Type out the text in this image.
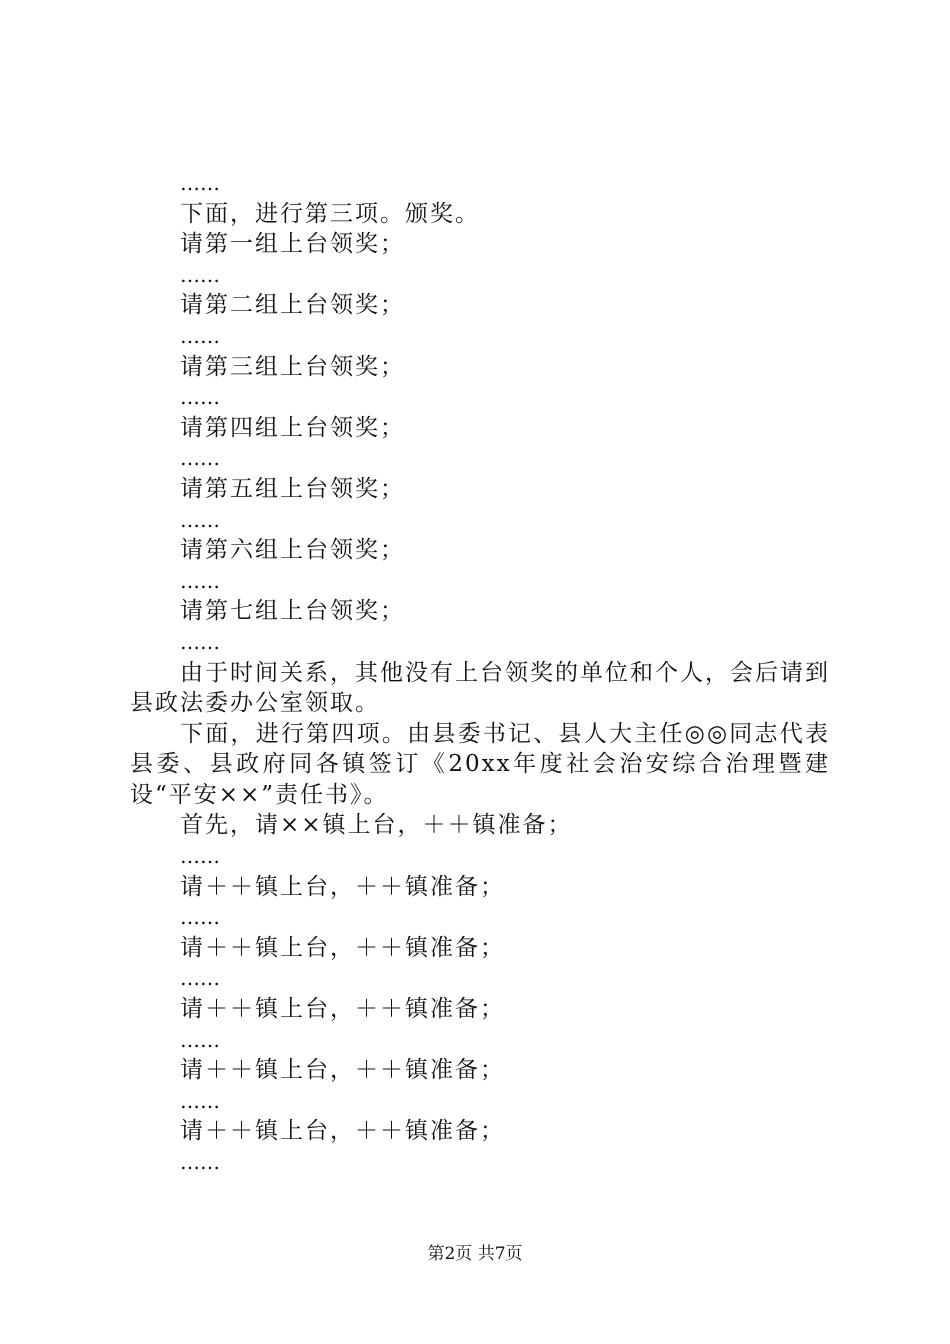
……
下面，进行第三项。颁奖。
请第一组上台领奖；
……
请第二组上台领奖；
……
请第三组上台领奖；
……
请第四组上台领奖；
……
请第五组上台领奖；
……
请第六组上台领奖；
……
请第七组上台领奖；
……
由于时间关系，其他没有上台领奖的单位和个人，会后请到县政法委办公室领取。
下面，进行第四项。由县委书记、县人大主任◎◎同志代表县委、县政府同各镇签订《20xx年度社会治安综合治理暨建设“平安××”责任书》。
首先，请××镇上台，＋＋镇准备；
……
请＋＋镇上台，＋＋镇准备；
……
请＋＋镇上台，＋＋镇准备；
……
请＋＋镇上台，＋＋镇准备；
……
请＋＋镇上台，＋＋镇准备；
……
请＋＋镇上台，＋＋镇准备；
……
第2页 共7页
